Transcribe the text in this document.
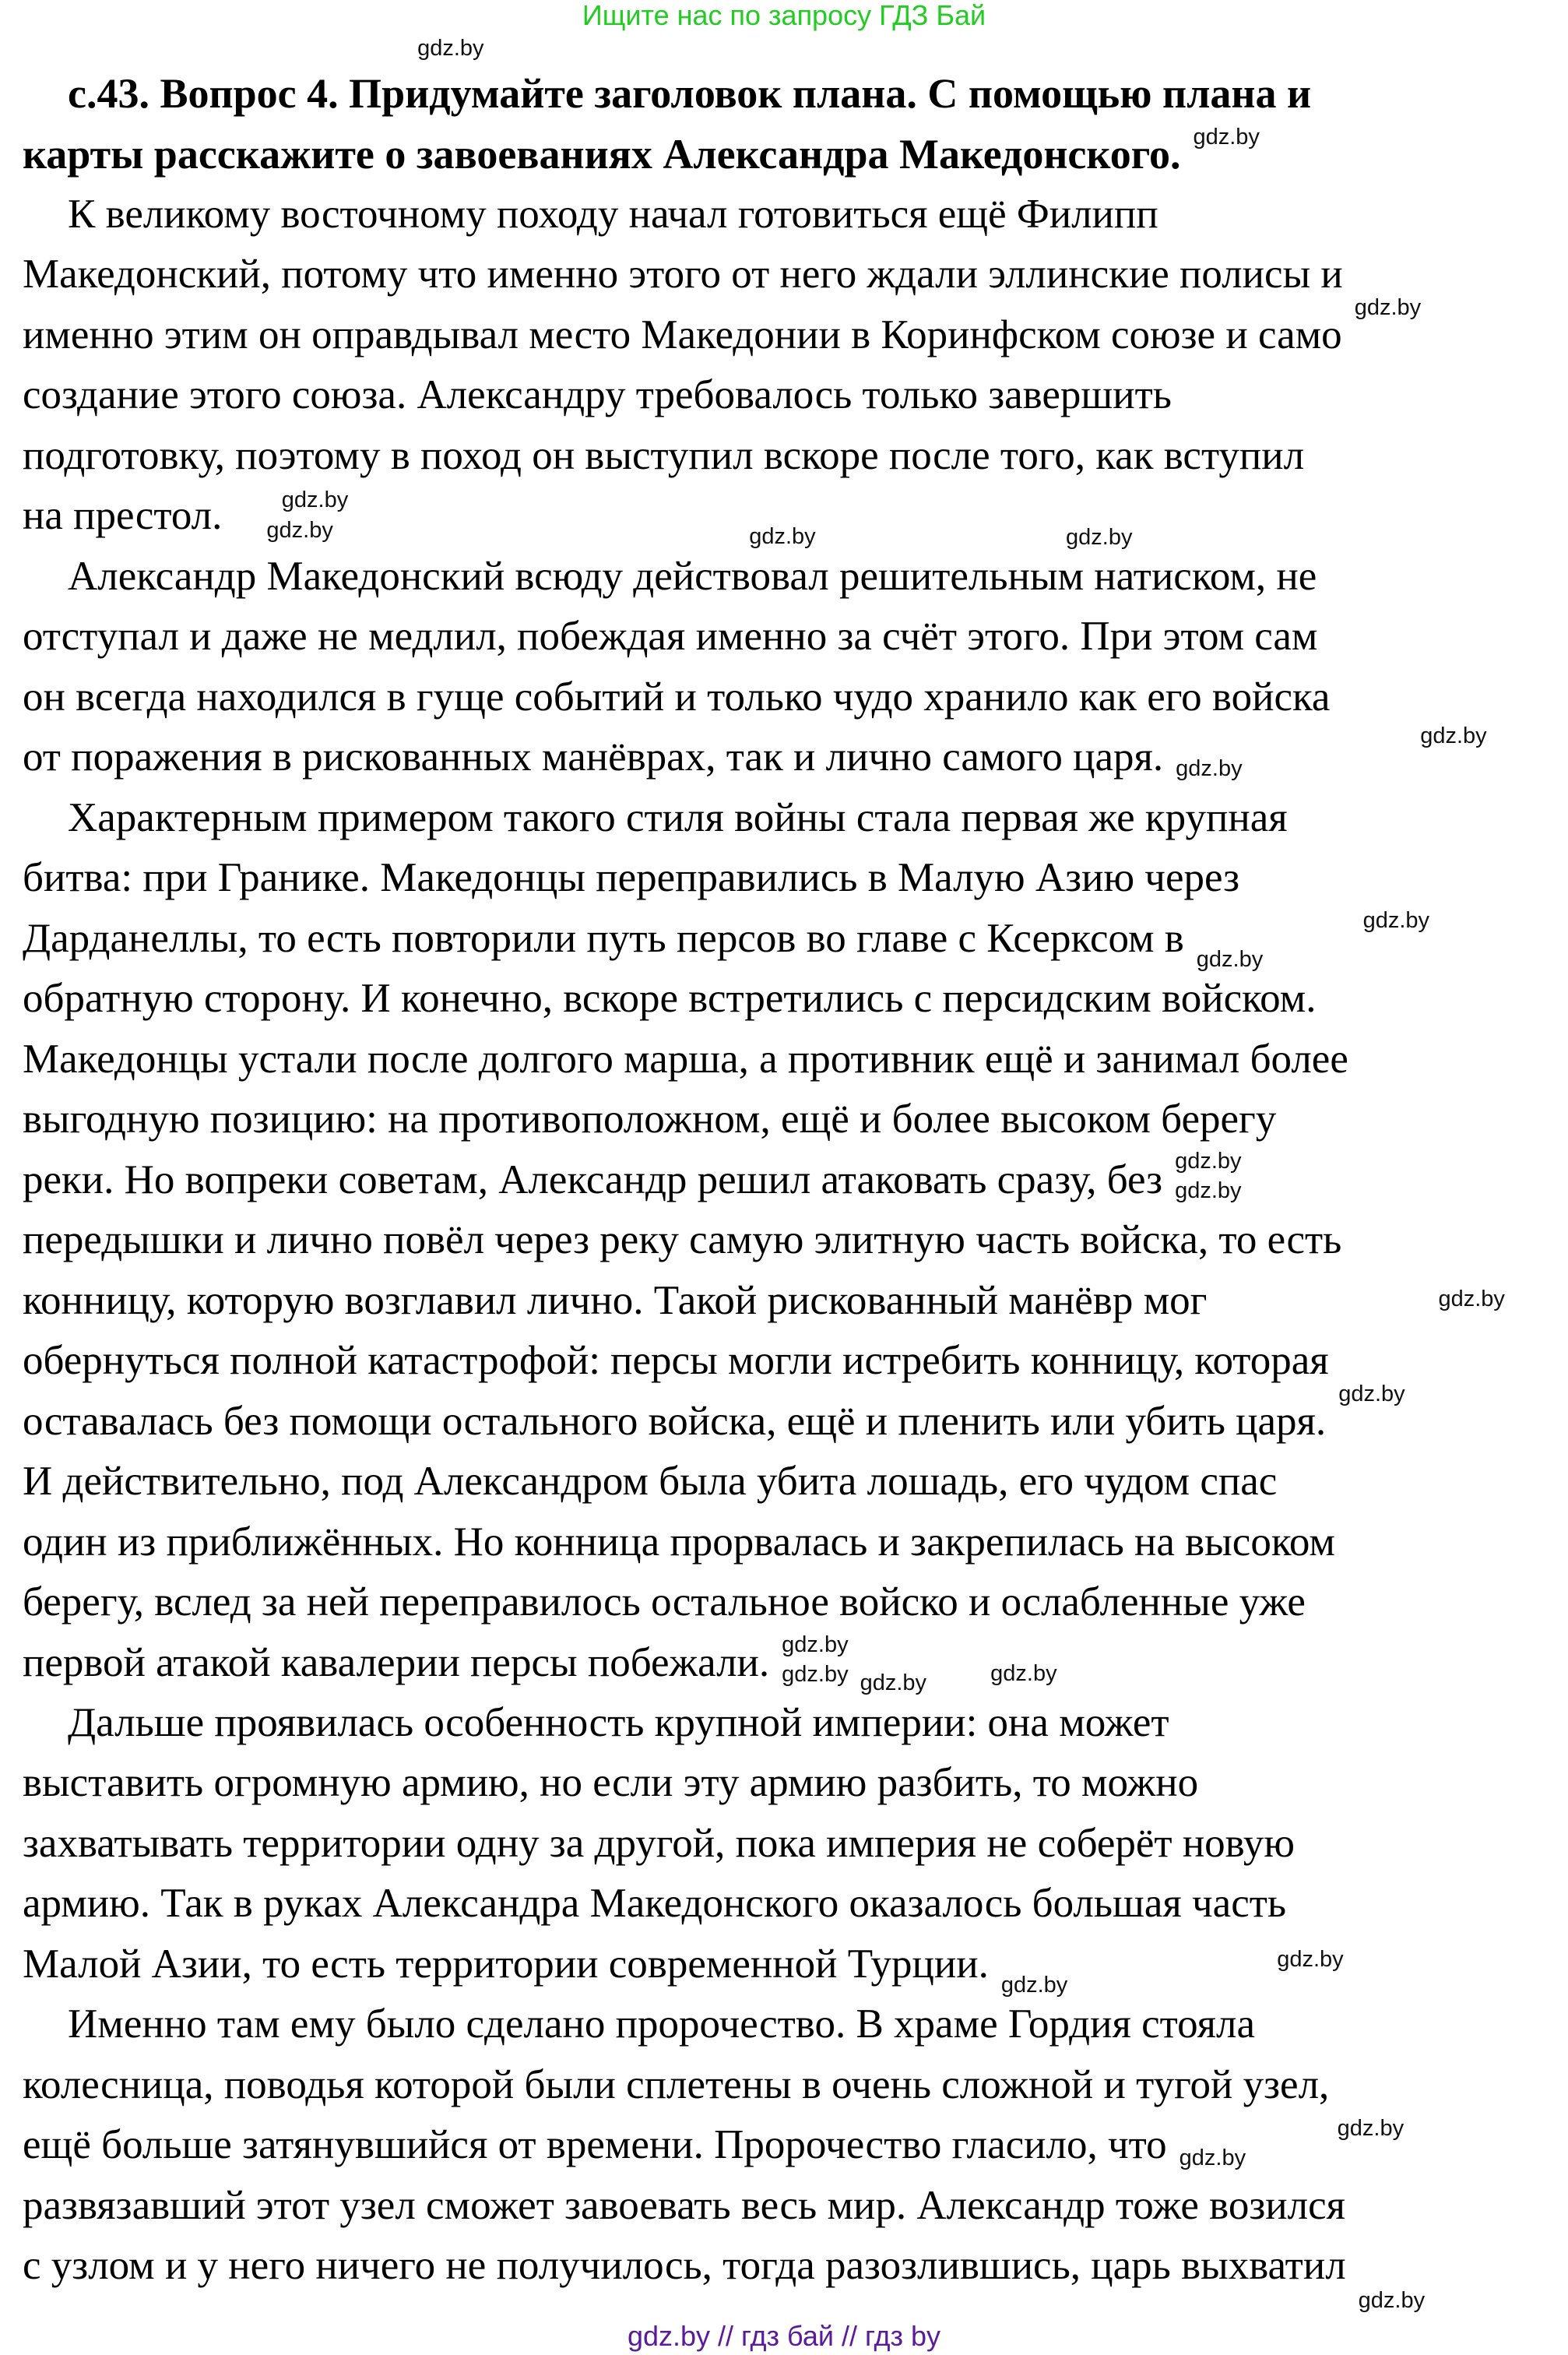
Ищите нас по запросу ГДЗ Бай
с.43. Вопрос 4. Придумайте заголовок плана. С помощью плана и
карты расскажите о завоеваниях Александра Македонского.
К великому восточному походу начал готовиться ещё Филипп
Македонский, потому что именно этого от него ждали эллинские полисы и
именно этим он оправдывал место Македонии в Коринфском союзе и само
создание этого союза. Александру требовалось только завершить
подготовку, поэтому в поход он выступил вскоре после того, как вступил
на престол.
Александр Македонский всюду действовал решительным натиском, не
отступал и даже не медлил, побеждая именно за счёт этого. При этом сам
он всегда находился в гуще событий и только чудо хранило как его войска
от поражения в рискованных манёврах, так и лично самого царя.
Характерным примером такого стиля войны стала первая же крупная
битва: при Гранике. Македонцы переправились в Малую Азию через
Дарданеллы, то есть повторили путь персов во главе с Ксерксом в
обратную сторону. И конечно, вскоре встретились с персидским войском.
Македонцы устали после долгого марша, а противник ещё и занимал более
выгодную позицию: на противоположном, ещё и более высоком берегу
реки. Но вопреки советам, Александр решил атаковать сразу, без
передышки и лично повёл через реку самую элитную часть войска, то есть
конницу, которую возглавил лично. Такой рискованный манёвр мог
обернуться полной катастрофой: персы могли истребить конницу, которая
оставалась без помощи остального войска, ещё и пленить или убить царя.
И действительно, под Александром была убита лошадь, его чудом спас
один из приближённых. Но конница прорвалась и закрепилась на высоком
берегу, вслед за ней переправилось остальное войско и ослабленные уже
первой атакой кавалерии персы побежали.
Дальше проявилась особенность крупной империи: она может
выставить огромную армию, но если эту армию разбить, то можно
захватывать территории одну за другой, пока империя не соберёт новую
армию. Так в руках Александра Македонского оказалось большая часть
Малой Азии, то есть территории современной Турции.
Именно там ему было сделано пророчество. В храме Гордия стояла
колесница, поводья которой были сплетены в очень сложной и тугой узел,
ещё больше затянувшийся от времени. Пророчество гласило, что
развязавший этот узел сможет завоевать весь мир. Александр тоже возился
с узлом и у него ничего не получилось, тогда разозлившись, царь выхватил
gdz.by
gdz.by
gdz.by
gdz.by
gdz.by	gdz.by
gdz.by
gdz.by
gdz.by
gdz.by
gdz.by
gdz.by
gdz.by
gdz.by
gdz.by
gdz.by
gdz.by	gdz.by
gdz.by
gdz.by
gdz.by
gdz.by
gdz.by
gdz.by
gdz.by // гдз бай // гдз by
